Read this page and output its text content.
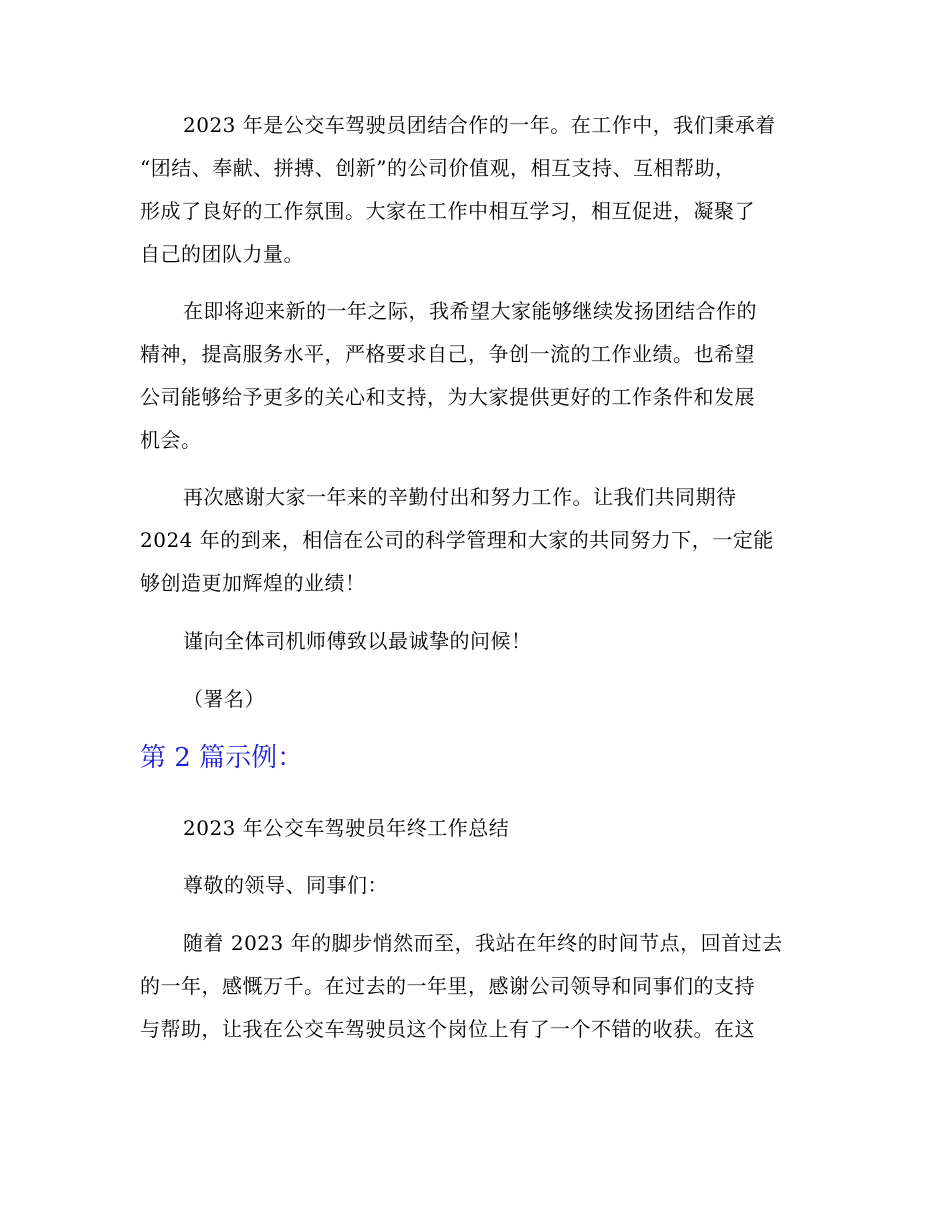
2023 年是公交车驾驶员团结合作的一年。在工作中，我们秉承着
“团结、奉献、拼搏、创新”的公司价值观，相互支持、互相帮助，
形成了良好的工作氛围。大家在工作中相互学习，相互促进，凝聚了
自己的团队力量。
在即将迎来新的一年之际，我希望大家能够继续发扬团结合作的
精神，提高服务水平，严格要求自己，争创一流的工作业绩。也希望
公司能够给予更多的关心和支持，为大家提供更好的工作条件和发展
机会。
再次感谢大家一年来的辛勤付出和努力工作。让我们共同期待
2024 年的到来，相信在公司的科学管理和大家的共同努力下，一定能
够创造更加辉煌的业绩！
谨向全体司机师傅致以最诚挚的问候！
（署名）
第 2 篇示例：
2023 年公交车驾驶员年终工作总结
尊敬的领导、同事们：
随着 2023 年的脚步悄然而至，我站在年终的时间节点，回首过去
的一年，感慨万千。在过去的一年里，感谢公司领导和同事们的支持
与帮助，让我在公交车驾驶员这个岗位上有了一个不错的收获。在这
